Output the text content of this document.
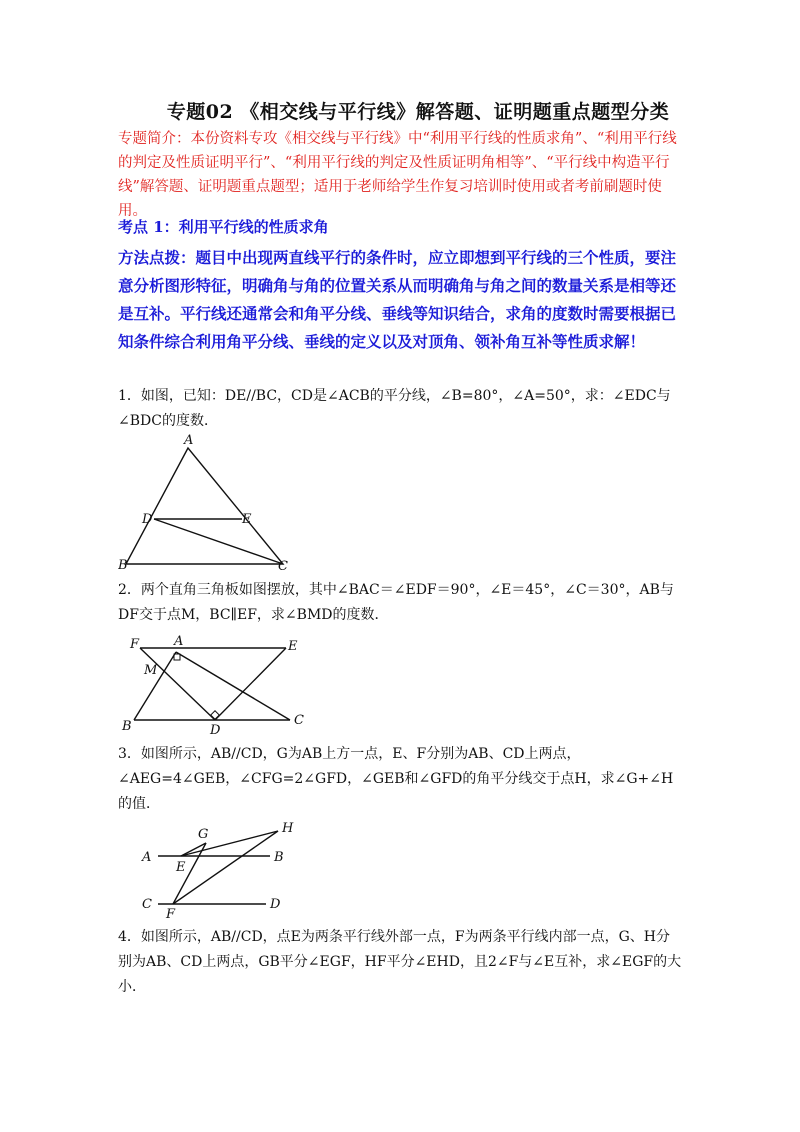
专题02 《相交线与平行线》解答题、证明题重点题型分类
专题简介：本份资料专攻《相交线与平行线》中“利用平行线的性质求角”、“利用平行线的判定及性质证明平行”、“利用平行线的判定及性质证明角相等”、“平行线中构造平行线”解答题、证明题重点题型；适用于老师给学生作复习培训时使用或者考前刷题时使用。
考点 1：利用平行线的性质求角
方法点拨：题目中出现两直线平行的条件时，应立即想到平行线的三个性质，要注意分析图形特征，明确角与角的位置关系从而明确角与角之间的数量关系是相等还是互补。平行线还通常会和角平分线、垂线等知识结合，求角的度数时需要根据已知条件综合利用角平分线、垂线的定义以及对顶角、领补角互补等性质求解！
1．如图，已知：DE//BC，CD是∠ACB的平分线，∠B=80°，∠A=50°，求：∠EDC与∠BDC的度数．
A
B	C
D	E
2．两个直角三角板如图摆放，其中∠BAC＝∠EDF＝90°，∠E＝45°，∠C＝30°，AB与DF交于点M，BC∥EF，求∠BMD的度数．
F	A	E
M
B	D
C
3．如图所示，AB//CD，G为AB上方一点，E、F分别为AB、CD上两点，∠AEG=4∠GEB，∠CFG=2∠GFD，∠GEB和∠GFD的角平分线交于点H，求∠G+∠H的值．
A	B
E
G	H
C
F
D
4．如图所示，AB//CD，点E为两条平行线外部一点，F为两条平行线内部一点，G、H分别为AB、CD上两点，GB平分∠EGF，HF平分∠EHD，且2∠F与∠E互补，求∠EGF的大小．
